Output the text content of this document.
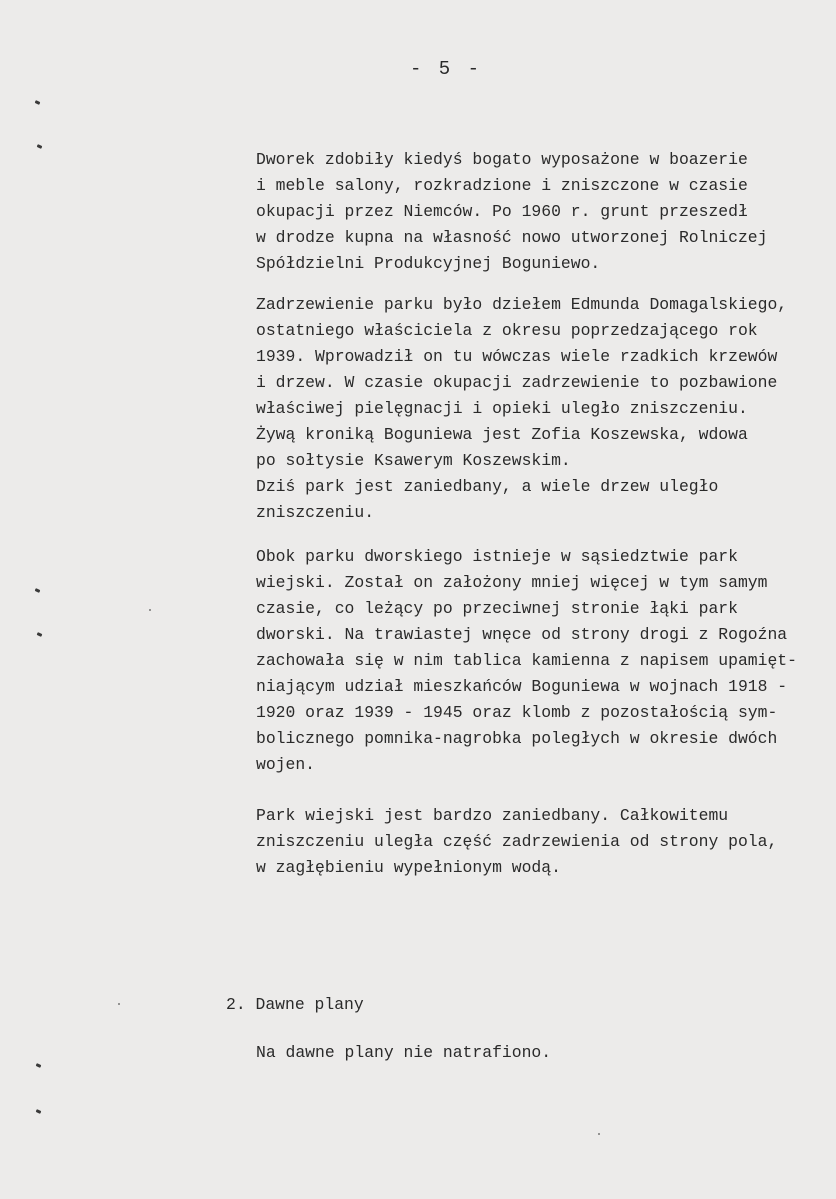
- 5 -
Dworek zdobiły kiedyś bogato wyposażone w boazerie
i meble salony, rozkradzione i zniszczone w czasie
okupacji przez Niemców. Po 1960 r. grunt przeszedł
w drodze kupna na własność nowo utworzonej Rolniczej
Spółdzielni Produkcyjnej Boguniewo.
Zadrzewienie parku było dziełem Edmunda Domagalskiego,
ostatniego właściciela z okresu poprzedzającego rok
1939. Wprowadził on tu wówczas wiele rzadkich krzewów
i drzew. W czasie okupacji zadrzewienie to pozbawione
właściwej pielęgnacji i opieki uległo zniszczeniu.
Żywą kroniką Boguniewa jest Zofia Koszewska, wdowa
po sołtysie Ksawerym Koszewskim.
Dziś park jest zaniedbany, a wiele drzew uległo
zniszczeniu.
Obok parku dworskiego istnieje w sąsiedztwie park
wiejski. Został on założony mniej więcej w tym samym
czasie, co leżący po przeciwnej stronie łąki park
dworski. Na trawiastej wnęce od strony drogi z Rogoźna
zachowała się w nim tablica kamienna z napisem upamięt-
niającym udział mieszkańców Boguniewa w wojnach 1918 -
1920 oraz 1939 - 1945 oraz klomb z pozostałością sym-
bolicznego pomnika-nagrobka poległych w okresie dwóch
wojen.
Park wiejski jest bardzo zaniedbany. Całkowitemu
zniszczeniu uległa część zadrzewienia od strony pola,
w zagłębieniu wypełnionym wodą.
2. Dawne plany
Na dawne plany nie natrafiono.
